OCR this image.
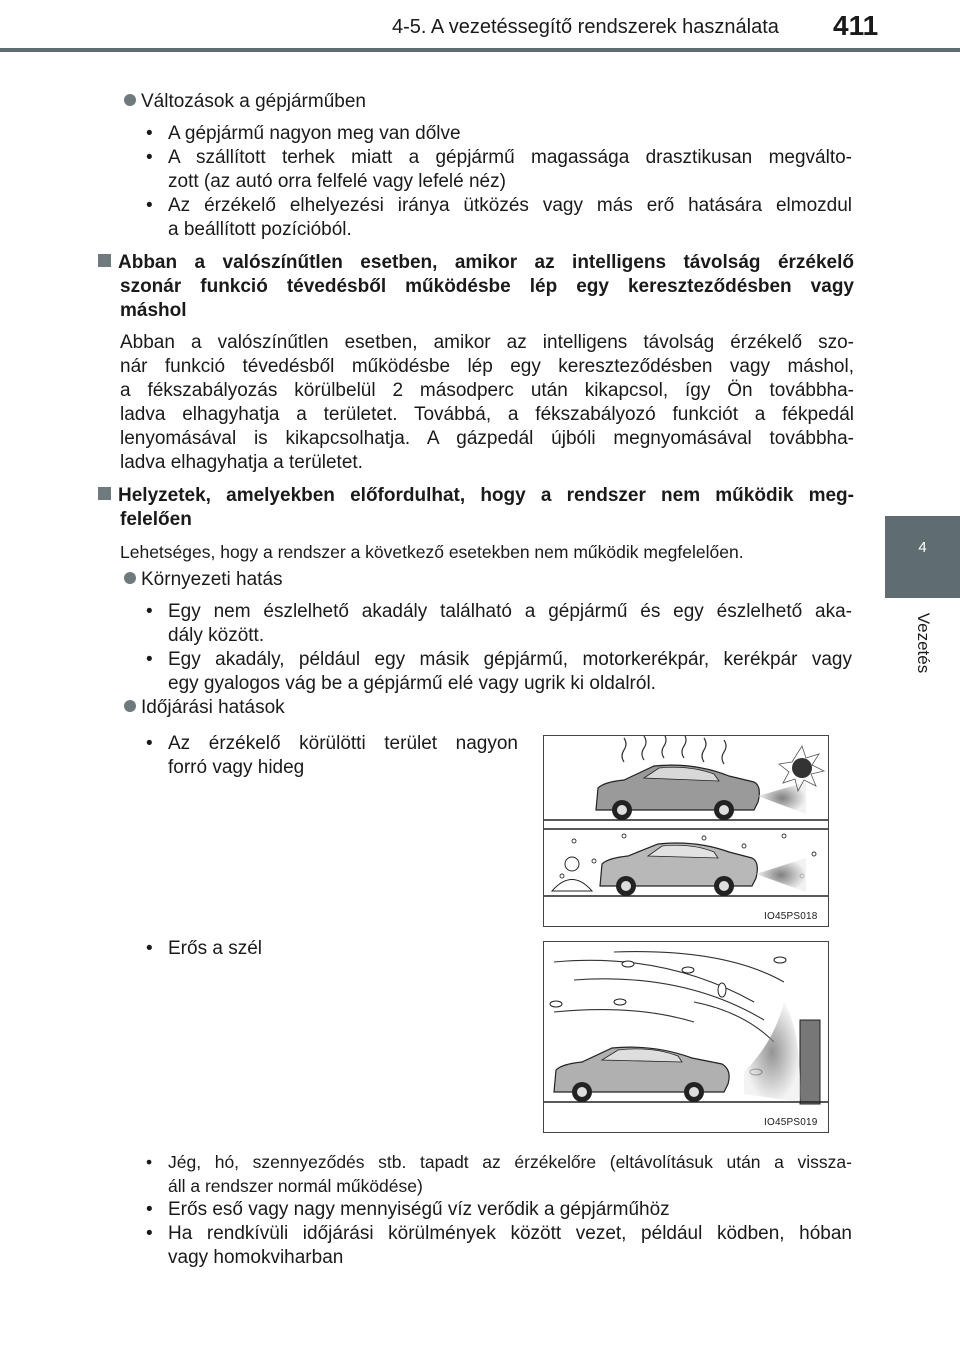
4-5. A vezetéssegítő rendszerek használata 411
4
Vezetés
Változások a gépjárműben
• A gépjármű nagyon meg van dőlve
• A szállított terhek miatt a gépjármű magassága drasztikusan megválto-
zott (az autó orra felfelé vagy lefelé néz)
• Az érzékelő elhelyezési iránya ütközés vagy más erő hatására elmozdul
a beállított pozícióból.
Abban a valószínűtlen esetben, amikor az intelligens távolság érzékelő
szonár funkció tévedésből működésbe lép egy kereszteződésben vagy
máshol
Abban a valószínűtlen esetben, amikor az intelligens távolság érzékelő szo-
nár funkció tévedésből működésbe lép egy kereszteződésben vagy máshol,
a fékszabályozás körülbelül 2 másodperc után kikapcsol, így Ön továbbha-
ladva elhagyhatja a területet. Továbbá, a fékszabályozó funkciót a fékpedál
lenyomásával is kikapcsolhatja. A gázpedál újbóli megnyomásával továbbha-
ladva elhagyhatja a területet.
Helyzetek, amelyekben előfordulhat, hogy a rendszer nem működik meg-
felelően
Lehetséges, hogy a rendszer a következő esetekben nem működik megfelelően.
Környezeti hatás
• Egy nem észlelhető akadály található a gépjármű és egy észlelhető aka-
dály között.
• Egy akadály, például egy másik gépjármű, motorkerékpár, kerékpár vagy
egy gyalogos vág be a gépjármű elé vagy ugrik ki oldalról.
Időjárási hatások
• Az érzékelő körülötti terület nagyon
forró vagy hideg
• Erős a szél
• Jég, hó, szennyeződés stb. tapadt az érzékelőre (eltávolításuk után a vissza-
áll a rendszer normál működése)
• Erős eső vagy nagy mennyiségű víz verődik a gépjárműhöz
• Ha rendkívüli időjárási körülmények között vezet, például ködben, hóban
vagy homokviharban
IO45PS018
IO45PS019
